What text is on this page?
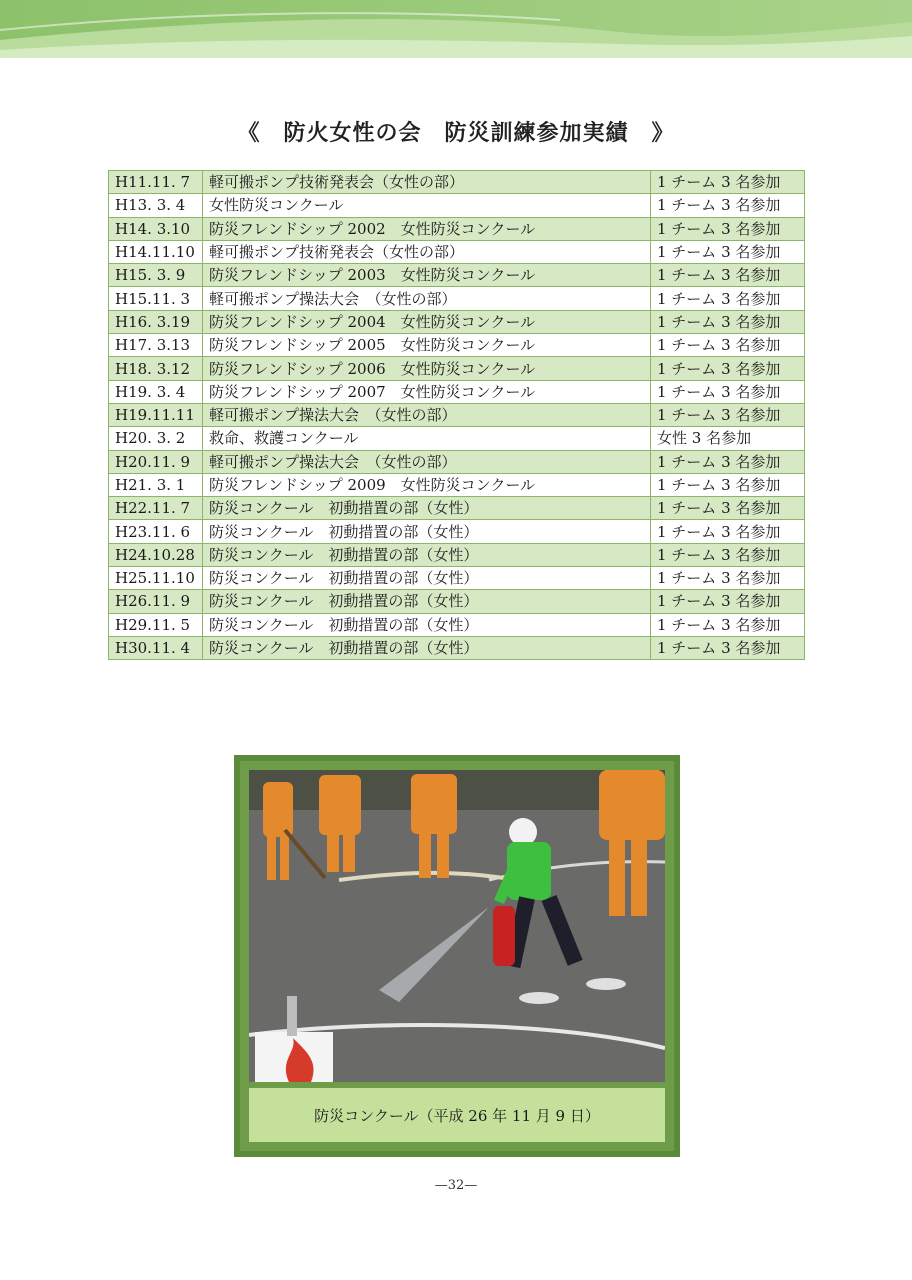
《　防火女性の会　防災訓練参加実績　》
H11.11. 7	軽可搬ポンプ技術発表会（女性の部）	1 チーム 3 名参加
H13. 3. 4	女性防災コンクール	1 チーム 3 名参加
H14. 3.10	防災フレンドシップ 2002　女性防災コンクール	1 チーム 3 名参加
H14.11.10	軽可搬ポンプ技術発表会（女性の部）	1 チーム 3 名参加
H15. 3. 9	防災フレンドシップ 2003　女性防災コンクール	1 チーム 3 名参加
H15.11. 3	軽可搬ポンプ操法大会　（女性の部）	1 チーム 3 名参加
H16. 3.19	防災フレンドシップ 2004　女性防災コンクール	1 チーム 3 名参加
H17. 3.13	防災フレンドシップ 2005　女性防災コンクール	1 チーム 3 名参加
H18. 3.12	防災フレンドシップ 2006　女性防災コンクール	1 チーム 3 名参加
H19. 3. 4	防災フレンドシップ 2007　女性防災コンクール	1 チーム 3 名参加
H19.11.11	軽可搬ポンプ操法大会　（女性の部）	1 チーム 3 名参加
H20. 3. 2	救命、救護コンクール	女性 3 名参加
H20.11. 9	軽可搬ポンプ操法大会　（女性の部）	1 チーム 3 名参加
H21. 3. 1	防災フレンドシップ 2009　女性防災コンクール	1 チーム 3 名参加
H22.11. 7	防災コンクール　初動措置の部（女性）	1 チーム 3 名参加
H23.11. 6	防災コンクール　初動措置の部（女性）	1 チーム 3 名参加
H24.10.28	防災コンクール　初動措置の部（女性）	1 チーム 3 名参加
H25.11.10	防災コンクール　初動措置の部（女性）	1 チーム 3 名参加
H26.11. 9	防災コンクール　初動措置の部（女性）	1 チーム 3 名参加
H29.11. 5	防災コンクール　初動措置の部（女性）	1 チーム 3 名参加
H30.11. 4	防災コンクール　初動措置の部（女性）	1 チーム 3 名参加
防災コンクール（平成 26 年 11 月 9 日）
—32—
